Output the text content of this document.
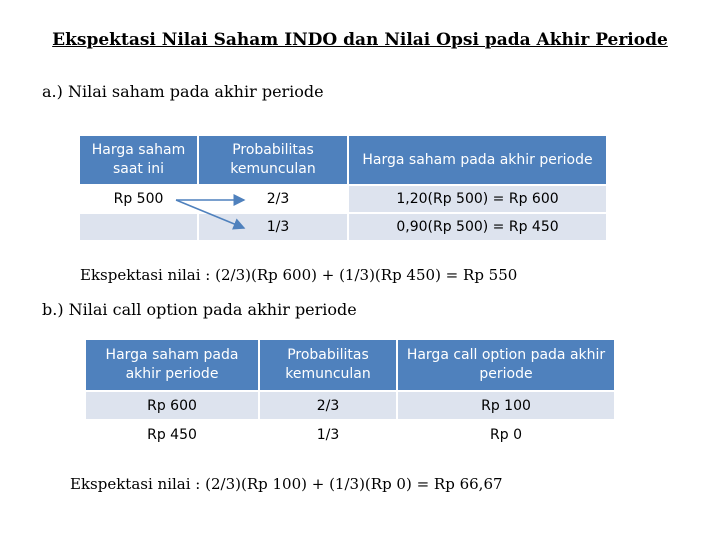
Ekspektasi Nilai Saham INDO dan Nilai Opsi pada Akhir Periode
a.) Nilai saham pada akhir periode
Harga saham saat ini	Probabilitas kemunculan	Harga saham pada akhir periode
Rp 500	2/3	1,20(Rp 500) = Rp 600
	1/3	0,90(Rp 500) = Rp 450
Ekspektasi nilai : (2/3)(Rp 600) + (1/3)(Rp 450) = Rp 550
b.) Nilai call option pada akhir periode
Harga saham pada akhir periode	Probabilitas kemunculan	Harga call option pada akhir periode
Rp 600	2/3	Rp 100
Rp 450	1/3	Rp 0
Ekspektasi nilai : (2/3)(Rp 100) + (1/3)(Rp 0) = Rp 66,67
